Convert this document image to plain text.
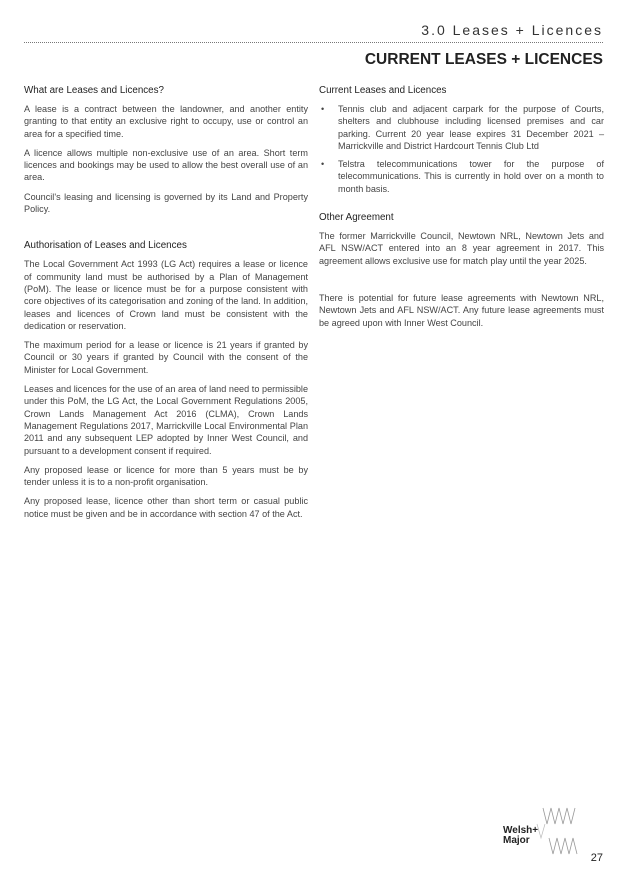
3.0 Leases + Licences
CURRENT LEASES + LICENCES
What are Leases and Licences?

A lease is a contract between the landowner, and another entity granting to that entity an exclusive right to occupy, use or control an area for a specified time.

A licence allows multiple non-exclusive use of an area. Short term licences and bookings may be used to allow the best overall use of an area.

Council's leasing and licensing is governed by its Land and Property Policy.

Authorisation of Leases and Licences

The Local Government Act 1993 (LG Act) requires a lease or licence of community land must be authorised by a Plan of Management (PoM). The lease or licence must be for a purpose consistent with core objectives of its categorisation and zoning of the land. In addition, leases and licences of Crown land must be consistent with the dedication or reservation.

The maximum period for a lease or licence is 21 years if granted by Council or 30 years if granted by Council with the consent of the Minister for Local Government.

Leases and licences for the use of an area of land need to permissible under this PoM, the LG Act, the Local Government Regulations 2005, Crown Lands Management Act 2016 (CLMA), Crown Lands Management Regulations 2017, Marrickville Local Environmental Plan 2011 and any subsequent LEP adopted by Inner West Council, and pursuant to a development consent if required.

Any proposed lease or licence for more than 5 years must be by tender unless it is to a non-profit organisation.

Any proposed lease, licence other than short term or casual public notice must be given and be in accordance with section 47 of the Act.

Current Leases and Licences
• Tennis club and adjacent carpark for the purpose of Courts, shelters and clubhouse including licensed premises and car parking. Current 20 year lease expires 31 December 2021 – Marrickville and District Hardcourt Tennis Club Ltd
• Telstra telecommunications tower for the purpose of telecommunications. This is currently in hold over on a month to month basis.
Other Agreement

The former Marrickville Council, Newtown NRL, Newtown Jets and AFL NSW/ACT entered into an 8 year agreement in 2017. This agreement allows exclusive use for match play until the year 2025.

There is potential for future lease agreements with Newtown NRL, Newtown Jets and AFL NSW/ACT. Any future lease agreements must be agreed upon with Inner West Council.

Welsh+
Major
27
